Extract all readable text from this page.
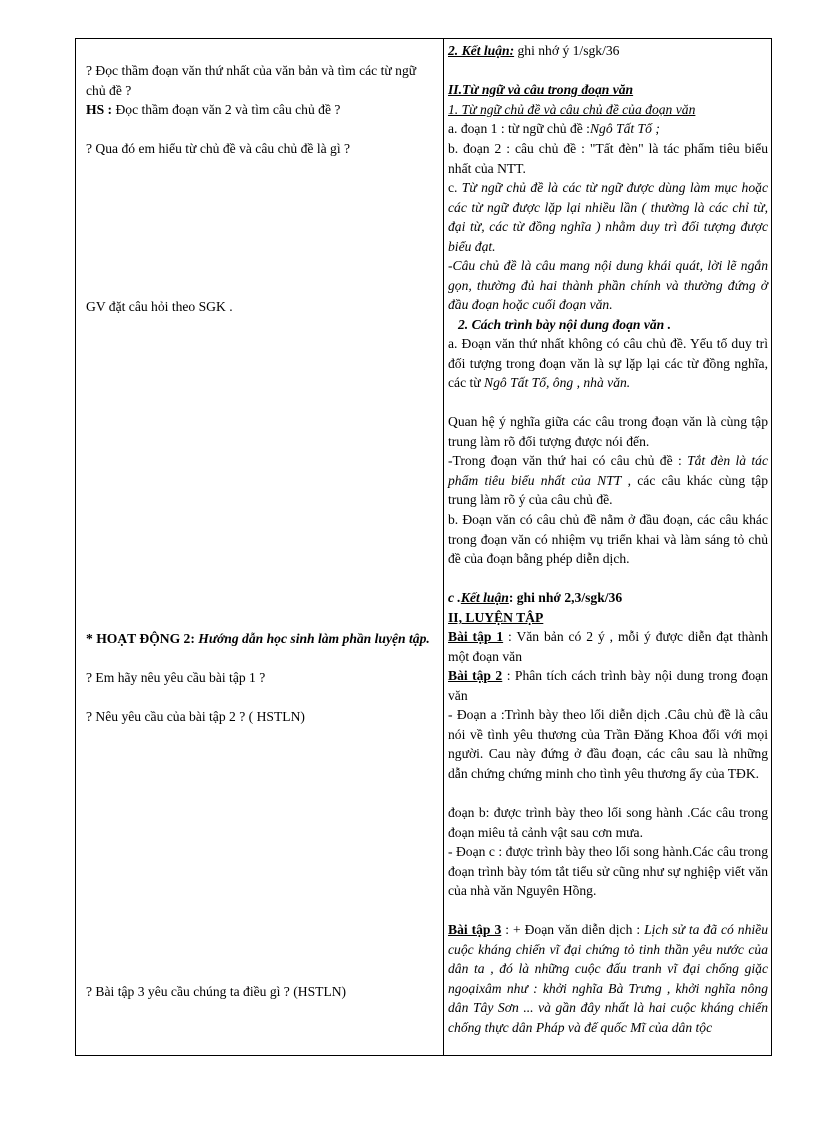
? Đọc thầm đoạn văn thứ nhất của văn bản và tìm các từ ngữ chủ đề ?
HS : Đọc thầm đoạn văn 2 và tìm câu chủ đề ?
? Qua đó em hiểu từ chủ đề và câu chủ đề là gì ?
GV đặt câu hỏi theo SGK .
* HOẠT ĐỘNG 2: Hướng dẫn học sinh làm phần luyện tập.
? Em hãy nêu yêu cầu bài tập 1 ?
? Nêu yêu cầu của bài tập 2 ? ( HSTLN)
? Bài tập 3 yêu cầu chúng ta điều gì ? (HSTLN)
2. Kết luận: ghi nhớ ý 1/sgk/36
II.Từ ngữ và câu trong đoạn văn
1. Từ ngữ chủ đề và câu chủ đề của đoạn văn
a. đoạn 1 : từ ngữ chủ đề :Ngô Tất Tố ;
b. đoạn 2 : câu chủ đề : "Tất đèn" là tác phẩm tiêu biểu nhất của NTT.
c. Từ ngữ chủ đề là các từ ngữ được dùng làm mục hoặc các từ ngữ được lặp lại nhiều lần ( thường là các chỉ từ, đại từ, các từ đồng nghĩa ) nhằm duy trì đối tượng được biểu đạt.
-Câu chủ đề là câu mang nội dung khái quát, lời lẽ ngắn gọn, thường đủ hai thành phần chính và thường đứng ở đầu đoạn hoặc cuối đoạn văn.
2. Cách trình bày nội dung đoạn văn .
a. Đoạn văn thứ nhất không có câu chủ đề. Yếu tố duy trì đối tượng trong đoạn văn là sự lặp lại các từ đồng nghĩa, các từ Ngô Tất Tố, ông , nhà văn.
Quan hệ ý nghĩa giữa các câu trong đoạn văn là cùng tập trung làm rõ đối tượng được nói đến.
-Trong đoạn văn thứ hai có câu chủ đề : Tắt đèn là tác phẩm tiêu biểu nhất của NTT , các câu khác cùng tập trung làm rõ ý của câu chủ đề.
b. Đoạn văn có câu chủ đề nằm ở đầu đoạn, các câu khác trong đoạn văn có nhiệm vụ triển khai và làm sáng tỏ chủ đề của đoạn bằng phép diễn dịch.
c .Kết luận: ghi nhớ 2,3/sgk/36
II, LUYỆN TẬP
Bài tập 1 : Văn bản có 2 ý , mỗi ý được diễn đạt thành một đoạn văn
Bài tập 2 : Phân tích cách trình bày nội dung trong đoạn văn
- Đoạn a :Trình bày theo lối diễn dịch .Câu chủ đề là câu nói về tình yêu thương của Trần Đăng Khoa đối với mọi người. Cau này đứng ở đầu đoạn, các câu sau là những dẫn chứng chứng minh cho tình yêu thương ấy của TĐK.
đoạn b: được trình bày theo lối song hành .Các câu trong đoạn miêu tả cảnh vật sau cơn mưa.
- Đoạn c : được trình bày theo lối song hành.Các câu trong đoạn trình bày tóm tắt tiểu sử cũng như sự nghiệp viết văn của nhà văn Nguyên Hồng.
Bài tập 3 : + Đoạn văn diễn dịch : Lịch sử ta đã có nhiều cuộc kháng chiến vĩ đại chứng tỏ tinh thần yêu nước của dân ta , đó là những cuộc đấu tranh vĩ đại chống giặc ngoạixâm như : khởi nghĩa Bà Trưng , khởi nghĩa nông dân Tây Sơn ... và gần đây nhất là hai cuộc kháng chiến chống thực dân Pháp và đế quốc Mĩ của dân tộc
